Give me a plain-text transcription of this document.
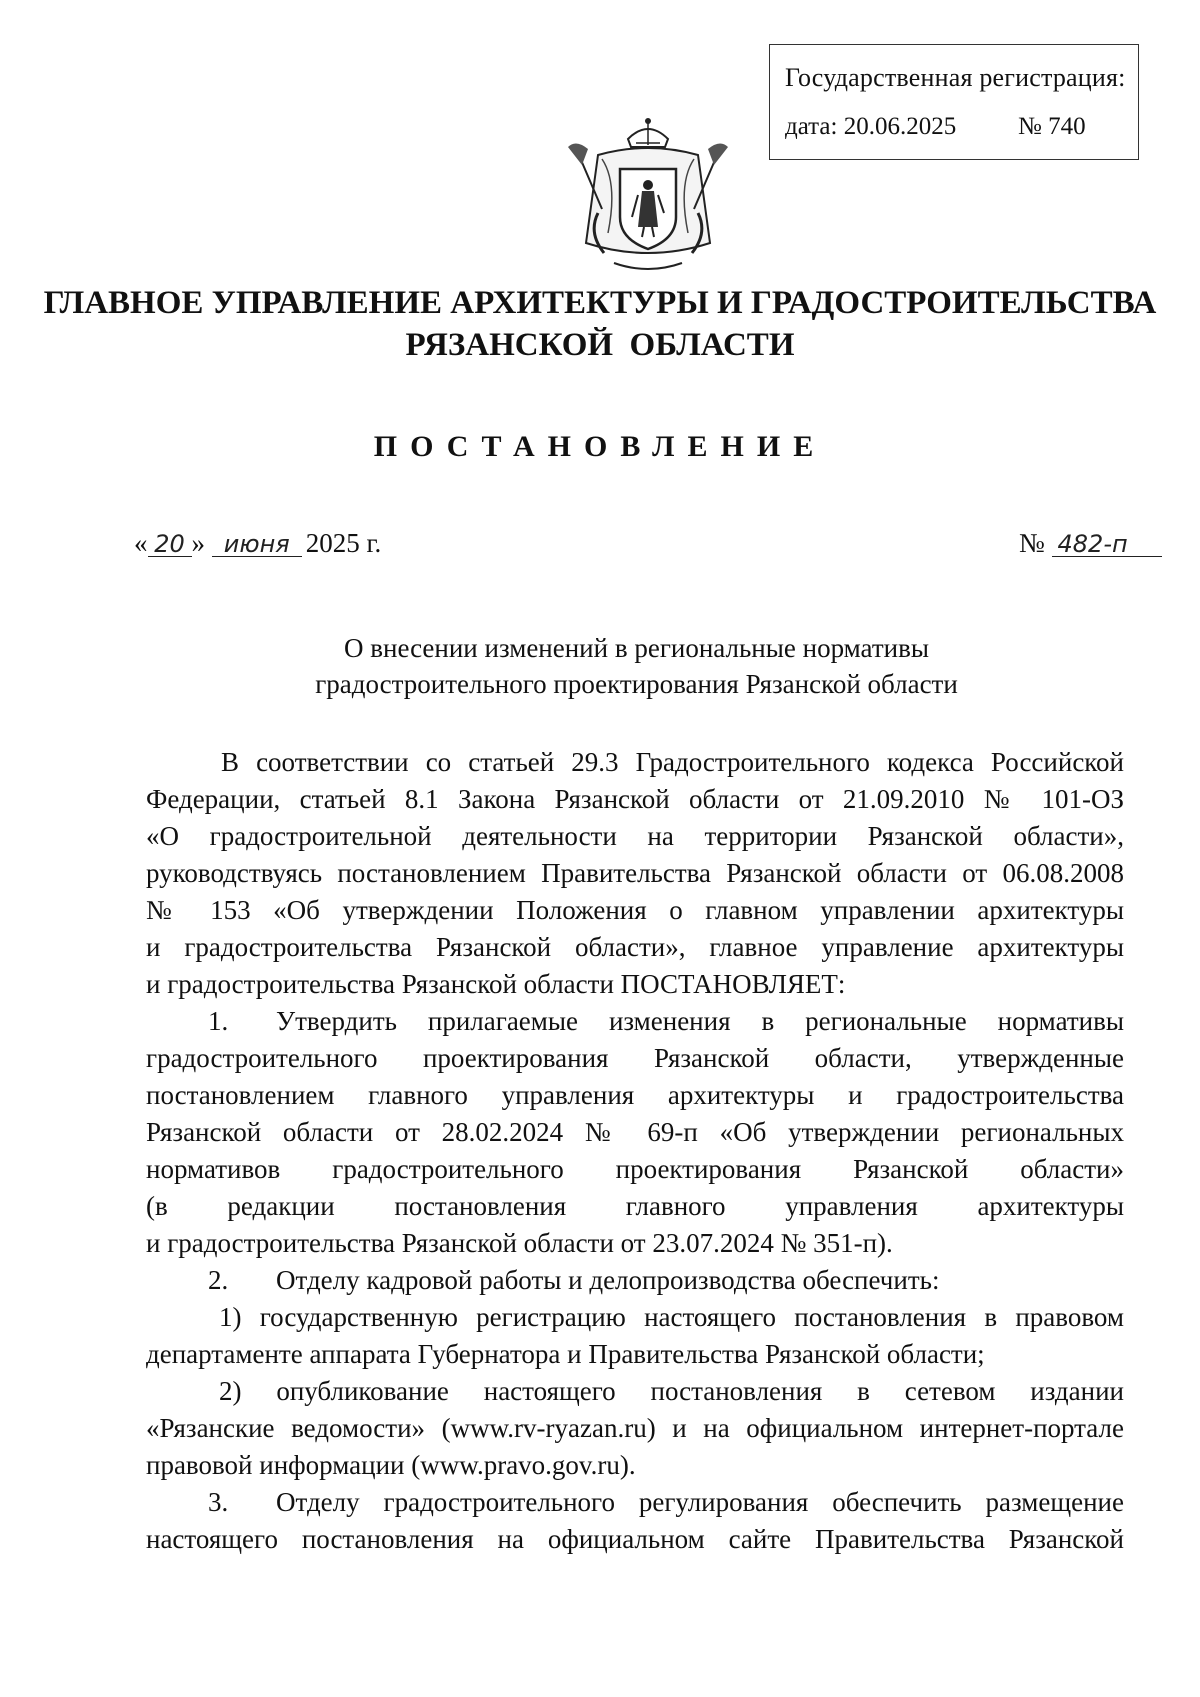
Государственная регистрация:
дата: 20.06.2025 № 740
ГЛАВНОЕ УПРАВЛЕНИЕ АРХИТЕКТУРЫ И ГРАДОСТРОИТЕЛЬСТВА
РЯЗАНСКОЙ  ОБЛАСТИ
ПОСТАНОВЛЕНИЕ
« 20 » июня 2025 г.	№ 482-п
О внесении изменений в региональные нормативы
градостроительного проектирования Рязанской области

В соответствии со статьей 29.3 Градостроительного кодекса Российской

Федерации, статьей 8.1 Закона Рязанской области от 21.09.2010 № 101-ОЗ

«О градостроительной деятельности на территории Рязанской области»,

руководствуясь постановлением Правительства Рязанской области от 06.08.2008

№ 153 «Об утверждении Положения о главном управлении архитектуры

и градостроительства Рязанской области», главное управление архитектуры

и градостроительства Рязанской области ПОСТАНОВЛЯЕТ:

1. Утвердить прилагаемые изменения в региональные нормативы

градостроительного проектирования Рязанской области, утвержденные

постановлением главного управления архитектуры и градостроительства

Рязанской области от 28.02.2024 № 69-п «Об утверждении региональных

нормативов градостроительного проектирования Рязанской области»

(в редакции постановления главного управления архитектуры

и градостроительства Рязанской области от 23.07.2024 № 351-п).

2. Отделу кадровой работы и делопроизводства обеспечить:

1) государственную регистрацию настоящего постановления в правовом

департаменте аппарата Губернатора и Правительства Рязанской области;

2) опубликование настоящего постановления в сетевом издании

«Рязанские ведомости» (www.rv-ryazan.ru) и на официальном интернет-портале

правовой информации (www.pravo.gov.ru).

3. Отделу градостроительного регулирования обеспечить размещение

настоящего постановления на официальном сайте Правительства Рязанской
